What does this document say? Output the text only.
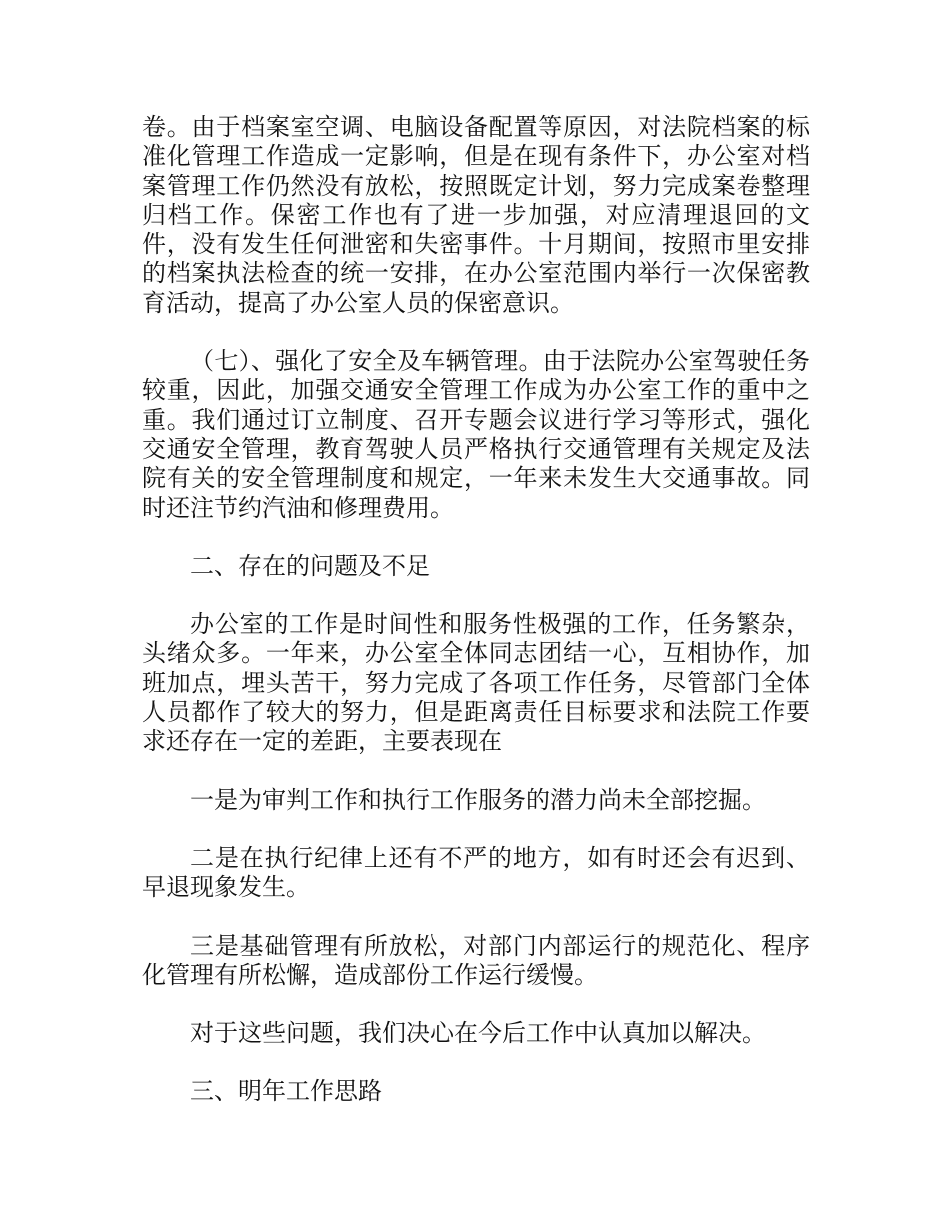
卷。由于档案室空调、电脑设备配置等原因，对法院档案的标准化管理工作造成一定影响，但是在现有条件下，办公室对档案管理工作仍然没有放松，按照既定计划，努力完成案卷整理归档工作。保密工作也有了进一步加强，对应清理退回的文件，没有发生任何泄密和失密事件。十月期间，按照市里安排的档案执法检查的统一安排，在办公室范围内举行一次保密教育活动，提高了办公室人员的保密意识。

（七）、强化了安全及车辆管理。由于法院办公室驾驶任务较重，因此，加强交通安全管理工作成为办公室工作的重中之重。我们通过订立制度、召开专题会议进行学习等形式，强化交通安全管理，教育驾驶人员严格执行交通管理有关规定及法院有关的安全管理制度和规定，一年来未发生大交通事故。同时还注节约汽油和修理费用。

二、存在的问题及不足

办公室的工作是时间性和服务性极强的工作，任务繁杂，头绪众多。一年来，办公室全体同志团结一心，互相协作，加班加点，埋头苦干，努力完成了各项工作任务，尽管部门全体人员都作了较大的努力，但是距离责任目标要求和法院工作要求还存在一定的差距，主要表现在

一是为审判工作和执行工作服务的潜力尚未全部挖掘。

二是在执行纪律上还有不严的地方，如有时还会有迟到、早退现象发生。

三是基础管理有所放松，对部门内部运行的规范化、程序化管理有所松懈，造成部份工作运行缓慢。

对于这些问题，我们决心在今后工作中认真加以解决。

三、明年工作思路
